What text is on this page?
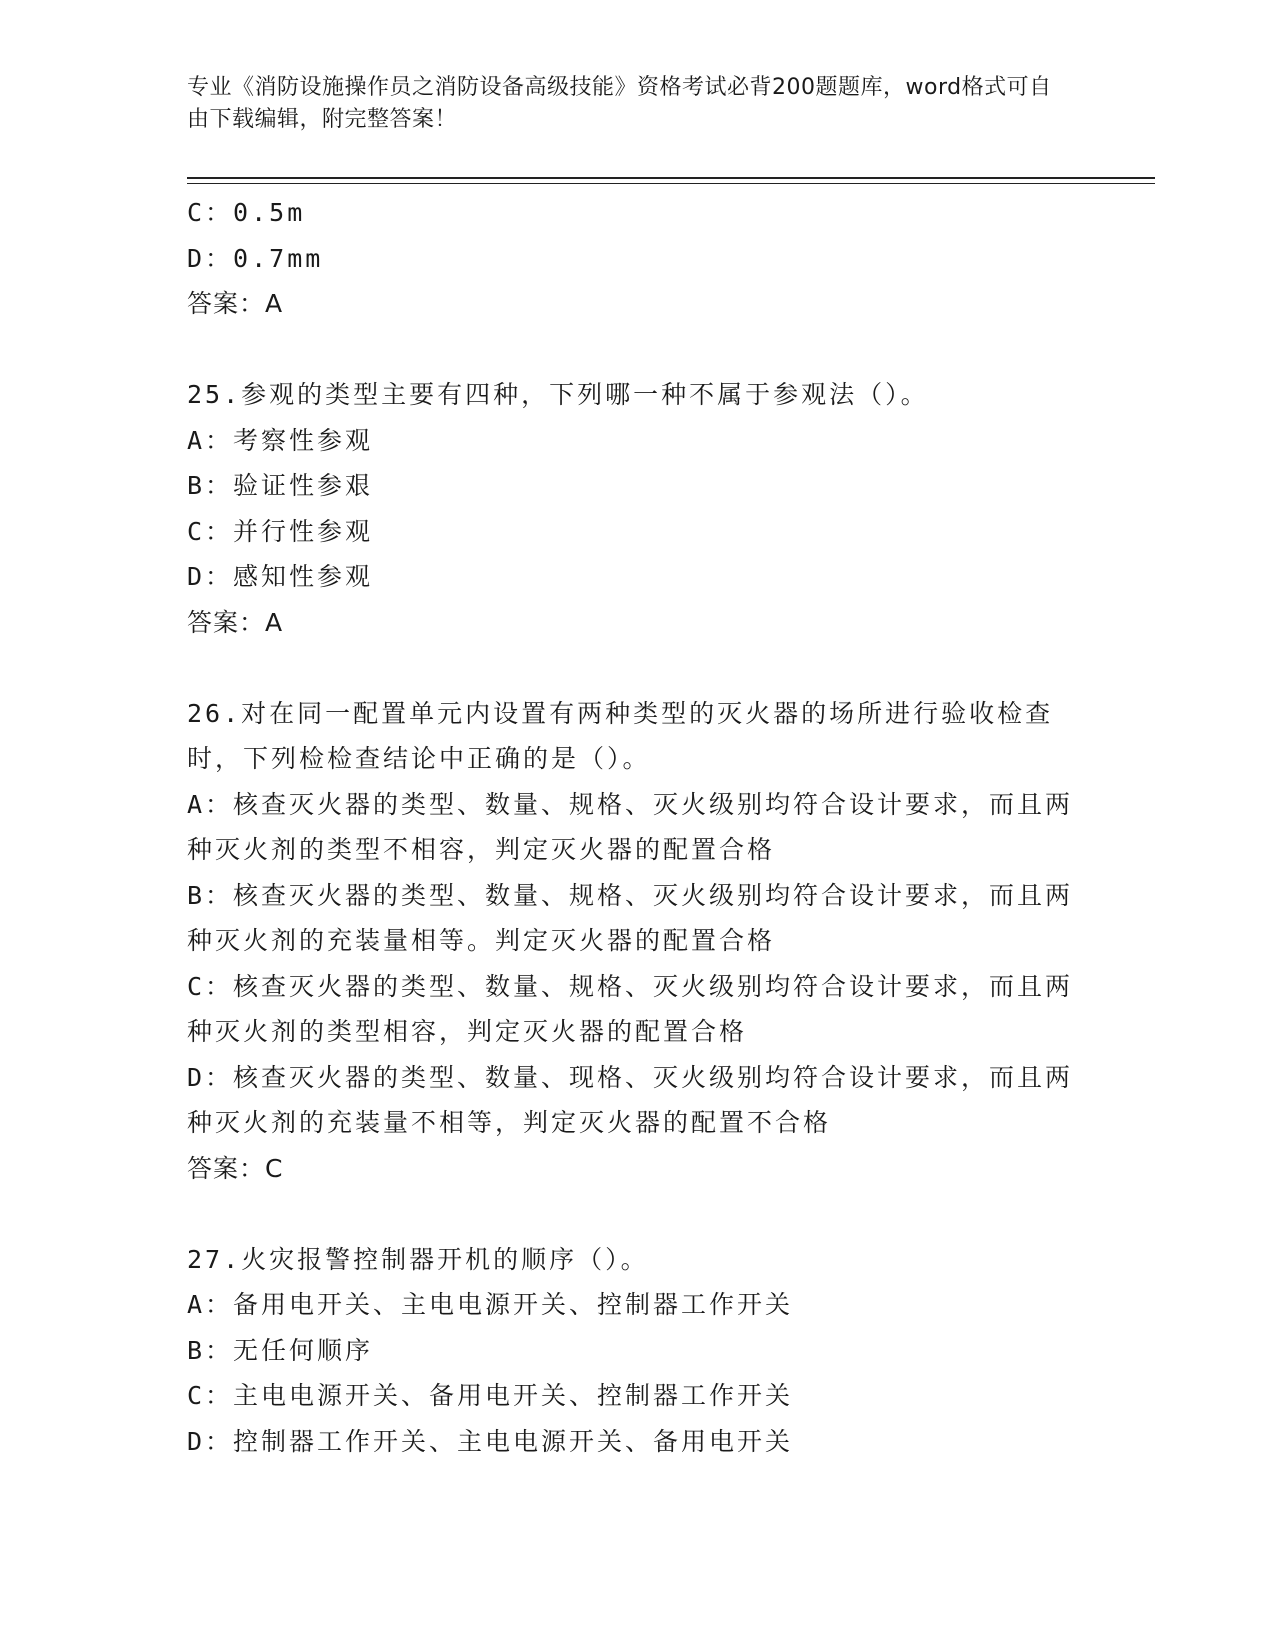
专业《消防设施操作员之消防设备高级技能》资格考试必背200题题库，word格式可自由下载编辑，附完整答案！
C：0.5m
D：0.7mm
答案：A
25.参观的类型主要有四种，下列哪一种不属于参观法（）。
A：考察性参观
B：验证性参艰
C：并行性参观
D：感知性参观
答案：A
26.对在同一配置单元内设置有两种类型的灭火器的场所进行验收检查时，下列检检查结论中正确的是（）。
A：核查灭火器的类型、数量、规格、灭火级别均符合设计要求，而且两种灭火剂的类型不相容，判定灭火器的配置合格
B：核查灭火器的类型、数量、规格、灭火级别均符合设计要求，而且两种灭火剂的充装量相等。判定灭火器的配置合格
C：核查灭火器的类型、数量、规格、灭火级别均符合设计要求，而且两种灭火剂的类型相容，判定灭火器的配置合格
D：核查灭火器的类型、数量、现格、灭火级别均符合设计要求，而且两种灭火剂的充装量不相等，判定灭火器的配置不合格
答案：C
27.火灾报警控制器开机的顺序（）。
A：备用电开关、主电电源开关、控制器工作开关
B：无任何顺序
C：主电电源开关、备用电开关、控制器工作开关
D：控制器工作开关、主电电源开关、备用电开关
